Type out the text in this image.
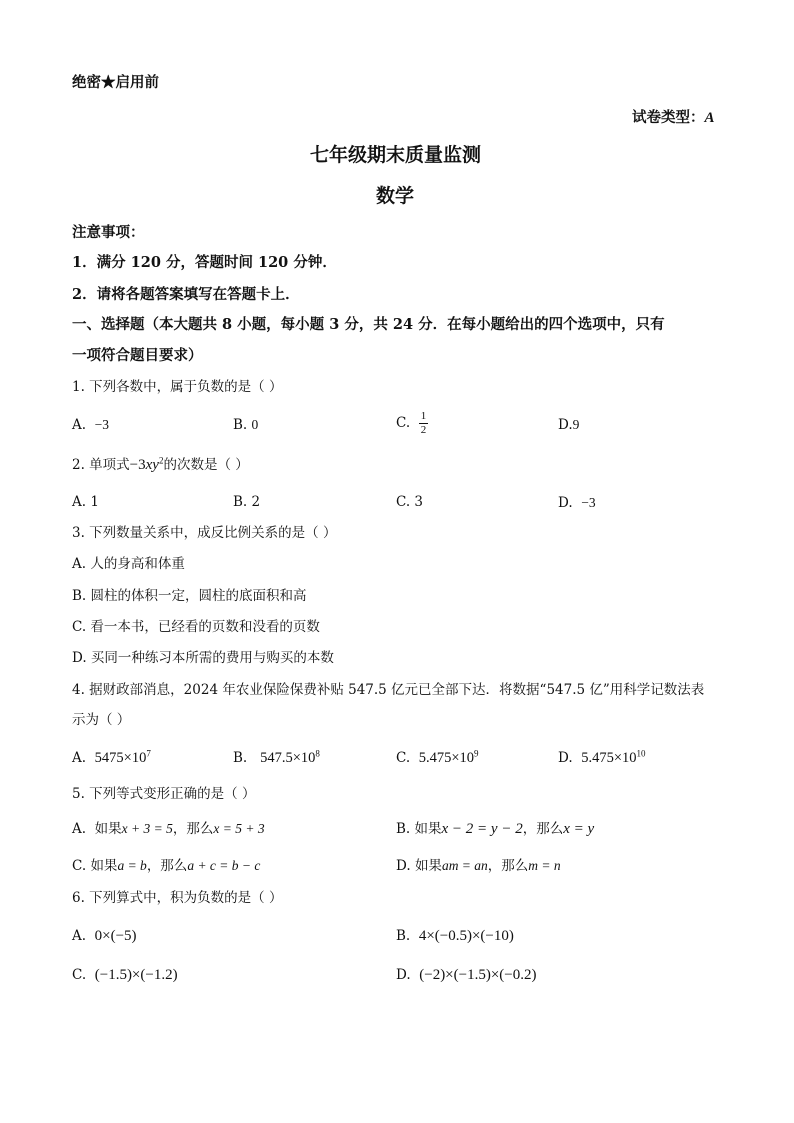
绝密★启用前
试卷类型：A
七年级期末质量监测
数学
注意事项：
1．满分 120 分，答题时间 120 分钟．
2．请将各题答案填写在答题卡上．
一、选择题（本大题共 8 小题，每小题 3 分，共 24 分．在每小题给出的四个选项中，只有
一项符合题目要求）
1. 下列各数中，属于负数的是（ ）
A. −3	B. 0	C.
$\frac{1}{2}$	D.9
2. 单项式$-3xy^2$的次数是（ ）
A. 1	B. 2	C. 3	D. −3
3. 下列数量关系中，成反比例关系的是（ ）
A. 人的身高和体重
B. 圆柱的体积一定，圆柱的底面积和高
C. 看一本书，已经看的页数和没看的页数
D. 买同一种练习本所需的费用与购买的本数
4. 据财政部消息，2024 年农业保险保费补贴 547.5 亿元已全部下达．将数据“547.5 亿”用科学记数法表
示为（ ）
A. $5475\times 10^7$	B. $547.5\times 10^8$	C. $5.475\times 10^9$	D. $5.475\times 10^{10}$
5. 下列等式变形正确的是（ ）
A. 如果x + 3 = 5，那么x = 5 + 3	B. 如果x − 2 = y − 2，那么x = y
C. 如果a = b，那么a + c = b − c	D. 如果am = an，那么m = n
6. 下列算式中，积为负数的是（ ）
A. 0×(−5)	B. 4×(−0.5)×(−10)
C. (−1.5)×(−1.2)	D. (−2)×(−1.5)×(−0.2)
